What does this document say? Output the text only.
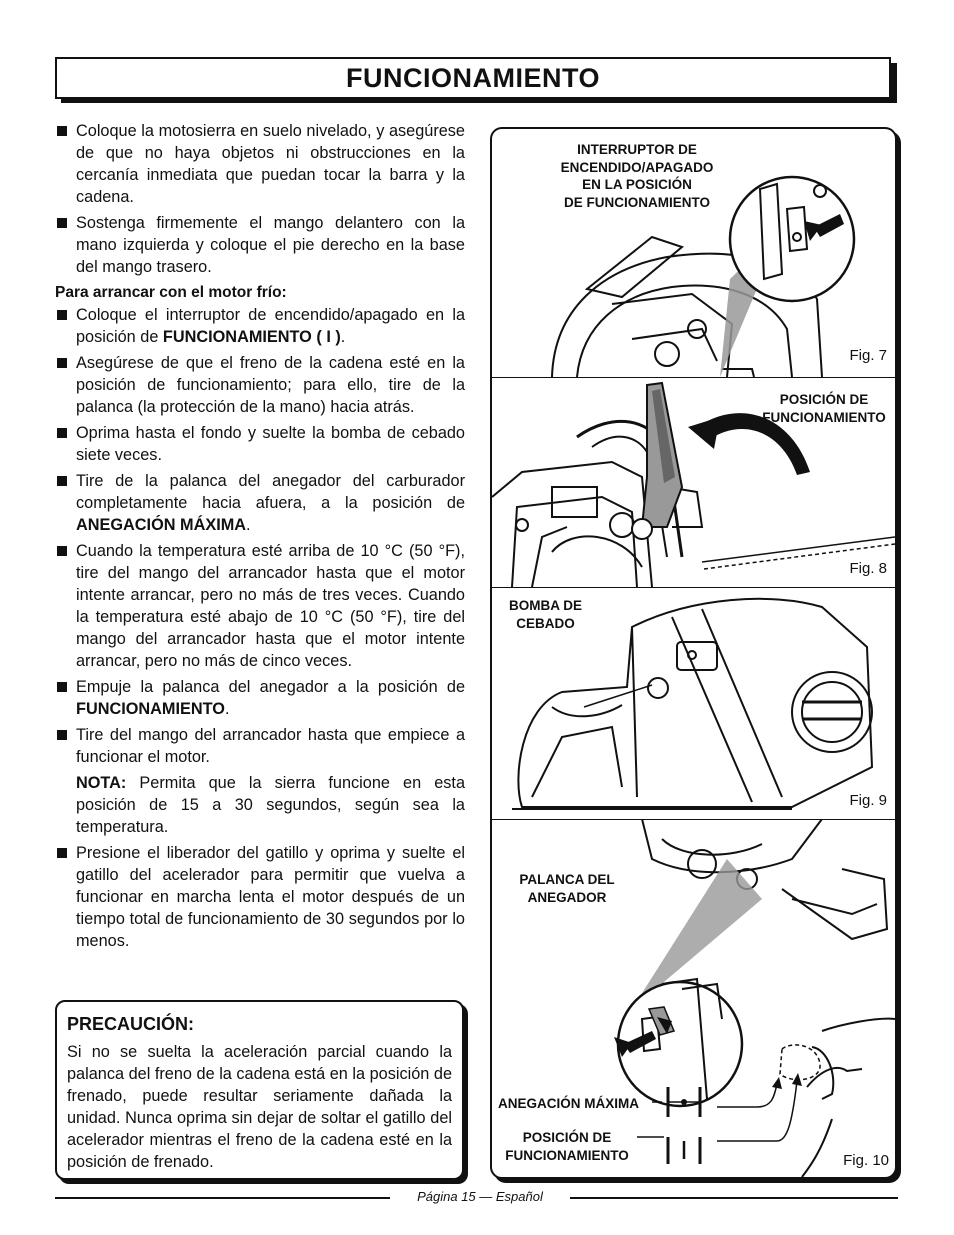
FUNCIONAMIENTO
Coloque la motosierra en suelo nivelado, y asegúrese de que no haya objetos ni obstrucciones en la cercanía inmediata que puedan tocar la barra y la cadena.
Sostenga firmemente el mango delantero con la mano izquierda y coloque el pie derecho en la base del mango trasero.
Para arrancar con el motor frío:
Coloque el interruptor de encendido/apagado en la posición de FUNCIONAMIENTO ( I ).
Asegúrese de que el freno de la cadena esté en la posición de funcionamiento; para ello, tire de la palanca (la protección de la mano) hacia atrás.
Oprima hasta el fondo y suelte la bomba de cebado siete veces.
Tire de la palanca del anegador del carburador completamente hacia afuera, a la posición de ANEGACIÓN MÁXIMA.
Cuando la temperatura esté arriba de 10 °C (50 °F), tire del mango del arrancador hasta que el motor intente arrancar, pero no más de tres veces. Cuando la temperatura esté abajo de 10 °C (50 °F), tire del mango del arrancador hasta que el motor intente arrancar, pero no más de cinco veces.
Empuje la palanca del anegador a la posición de FUNCIONAMIENTO.
Tire del mango del arrancador hasta que empiece a funcionar el motor.
NOTA: Permita que la sierra funcione en esta posición de 15 a 30 segundos, según sea la temperatura.
Presione el liberador del gatillo y oprima y suelte el gatillo del acelerador para permitir que vuelva a funcionar en marcha lenta el motor después de un tiempo total de funcionamiento de 30 segundos por lo menos.
PRECAUCIÓN:

Si no se suelta la aceleración parcial cuando la palanca del freno de la cadena está en la posición de frenado, puede resultar seriamente dañada la unidad. Nunca oprima sin dejar de soltar el gatillo del acelerador mientras el freno de la cadena esté en la posición de frenado.

INTERRUPTOR DE
ENCENDIDO/APAGADO
EN LA POSICIÓN
DE FUNCIONAMIENTO
Fig. 7
POSICIÓN DE
FUNCIONAMIENTO
Fig. 8
BOMBA DE
CEBADO
Fig. 9
PALANCA DEL
ANEGADOR
ANEGACIÓN MÁXIMA
POSICIÓN DE
FUNCIONAMIENTO	Fig. 10
Página 15 — Español
